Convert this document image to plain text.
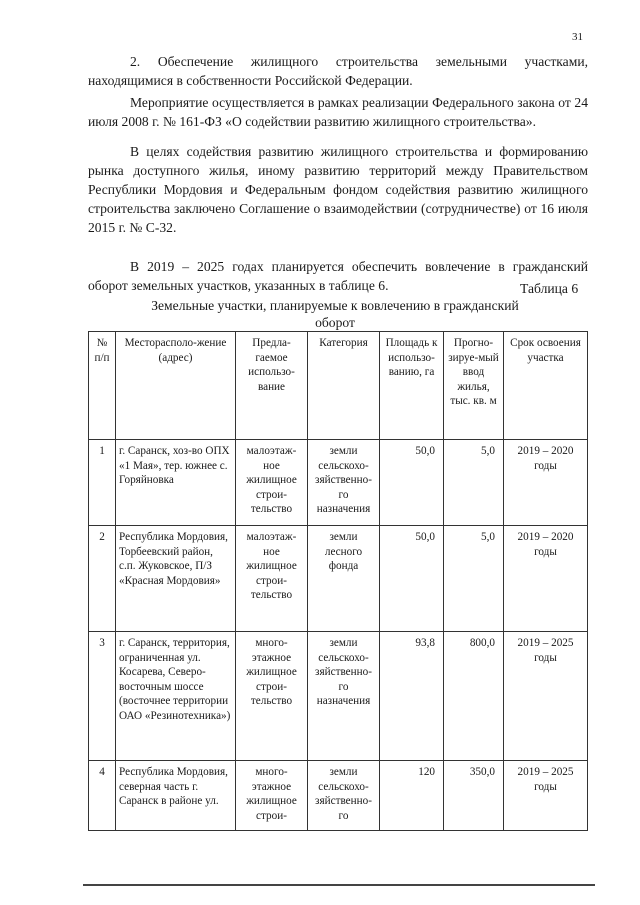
31

2. Обеспечение жилищного строительства земельными участками, находящимися в собственности Российской Федерации.

Мероприятие осуществляется в рамках реализации Федерального закона от 24 июля 2008 г. № 161-ФЗ «О содействии развитию жилищного строительства».

В целях содействия развитию жилищного строительства и формированию рынка доступного жилья, иному развитию территорий между Правительством Республики Мордовия и Федеральным фондом содействия развитию жилищного строительства заключено Соглашение о взаимодействии (сотрудничестве) от 16 июля 2015 г. № С-32.

В 2019 – 2025 годах планируется обеспечить вовлечение в гражданский оборот земельных участков, указанных в таблице 6.	Таблица 6
Земельные участки, планируемые к вовлечению в гражданский оборот
№ п/п	Месторасполо-жение (адрес)	Предла-гаемое использо-вание	Категория	Площадь к использо-ванию, га	Прогно-зируе-мый ввод жилья, тыс. кв. м	Срок освоения участка
1	г. Саранск, хоз-во ОПХ «1 Мая», тер. южнее с. Горяйновка	малоэтаж-ное жилищное строи-тельство	земли сельскохо-зяйственно-го назначения	50,0	5,0	2019 – 2020 годы
2	Республика Мордовия, Торбеевский район, с.п. Жуковское, П/З «Красная Мордовия»	малоэтаж-ное жилищное строи-тельство	земли лесного фонда	50,0	5,0	2019 – 2020 годы
3	г. Саранск, территория, ограниченная ул. Косарева, Северо-восточным шоссе (восточнее территории ОАО «Резинотехника»)	много-этажное жилищное строи-тельство	земли сельскохо-зяйственно-го назначения	93,8	800,0	2019 – 2025 годы
4	Республика Мордовия, северная часть г. Саранск в районе ул.	много-этажное жилищное строи-	земли сельскохо-зяйственно-го	120	350,0	2019 – 2025 годы
